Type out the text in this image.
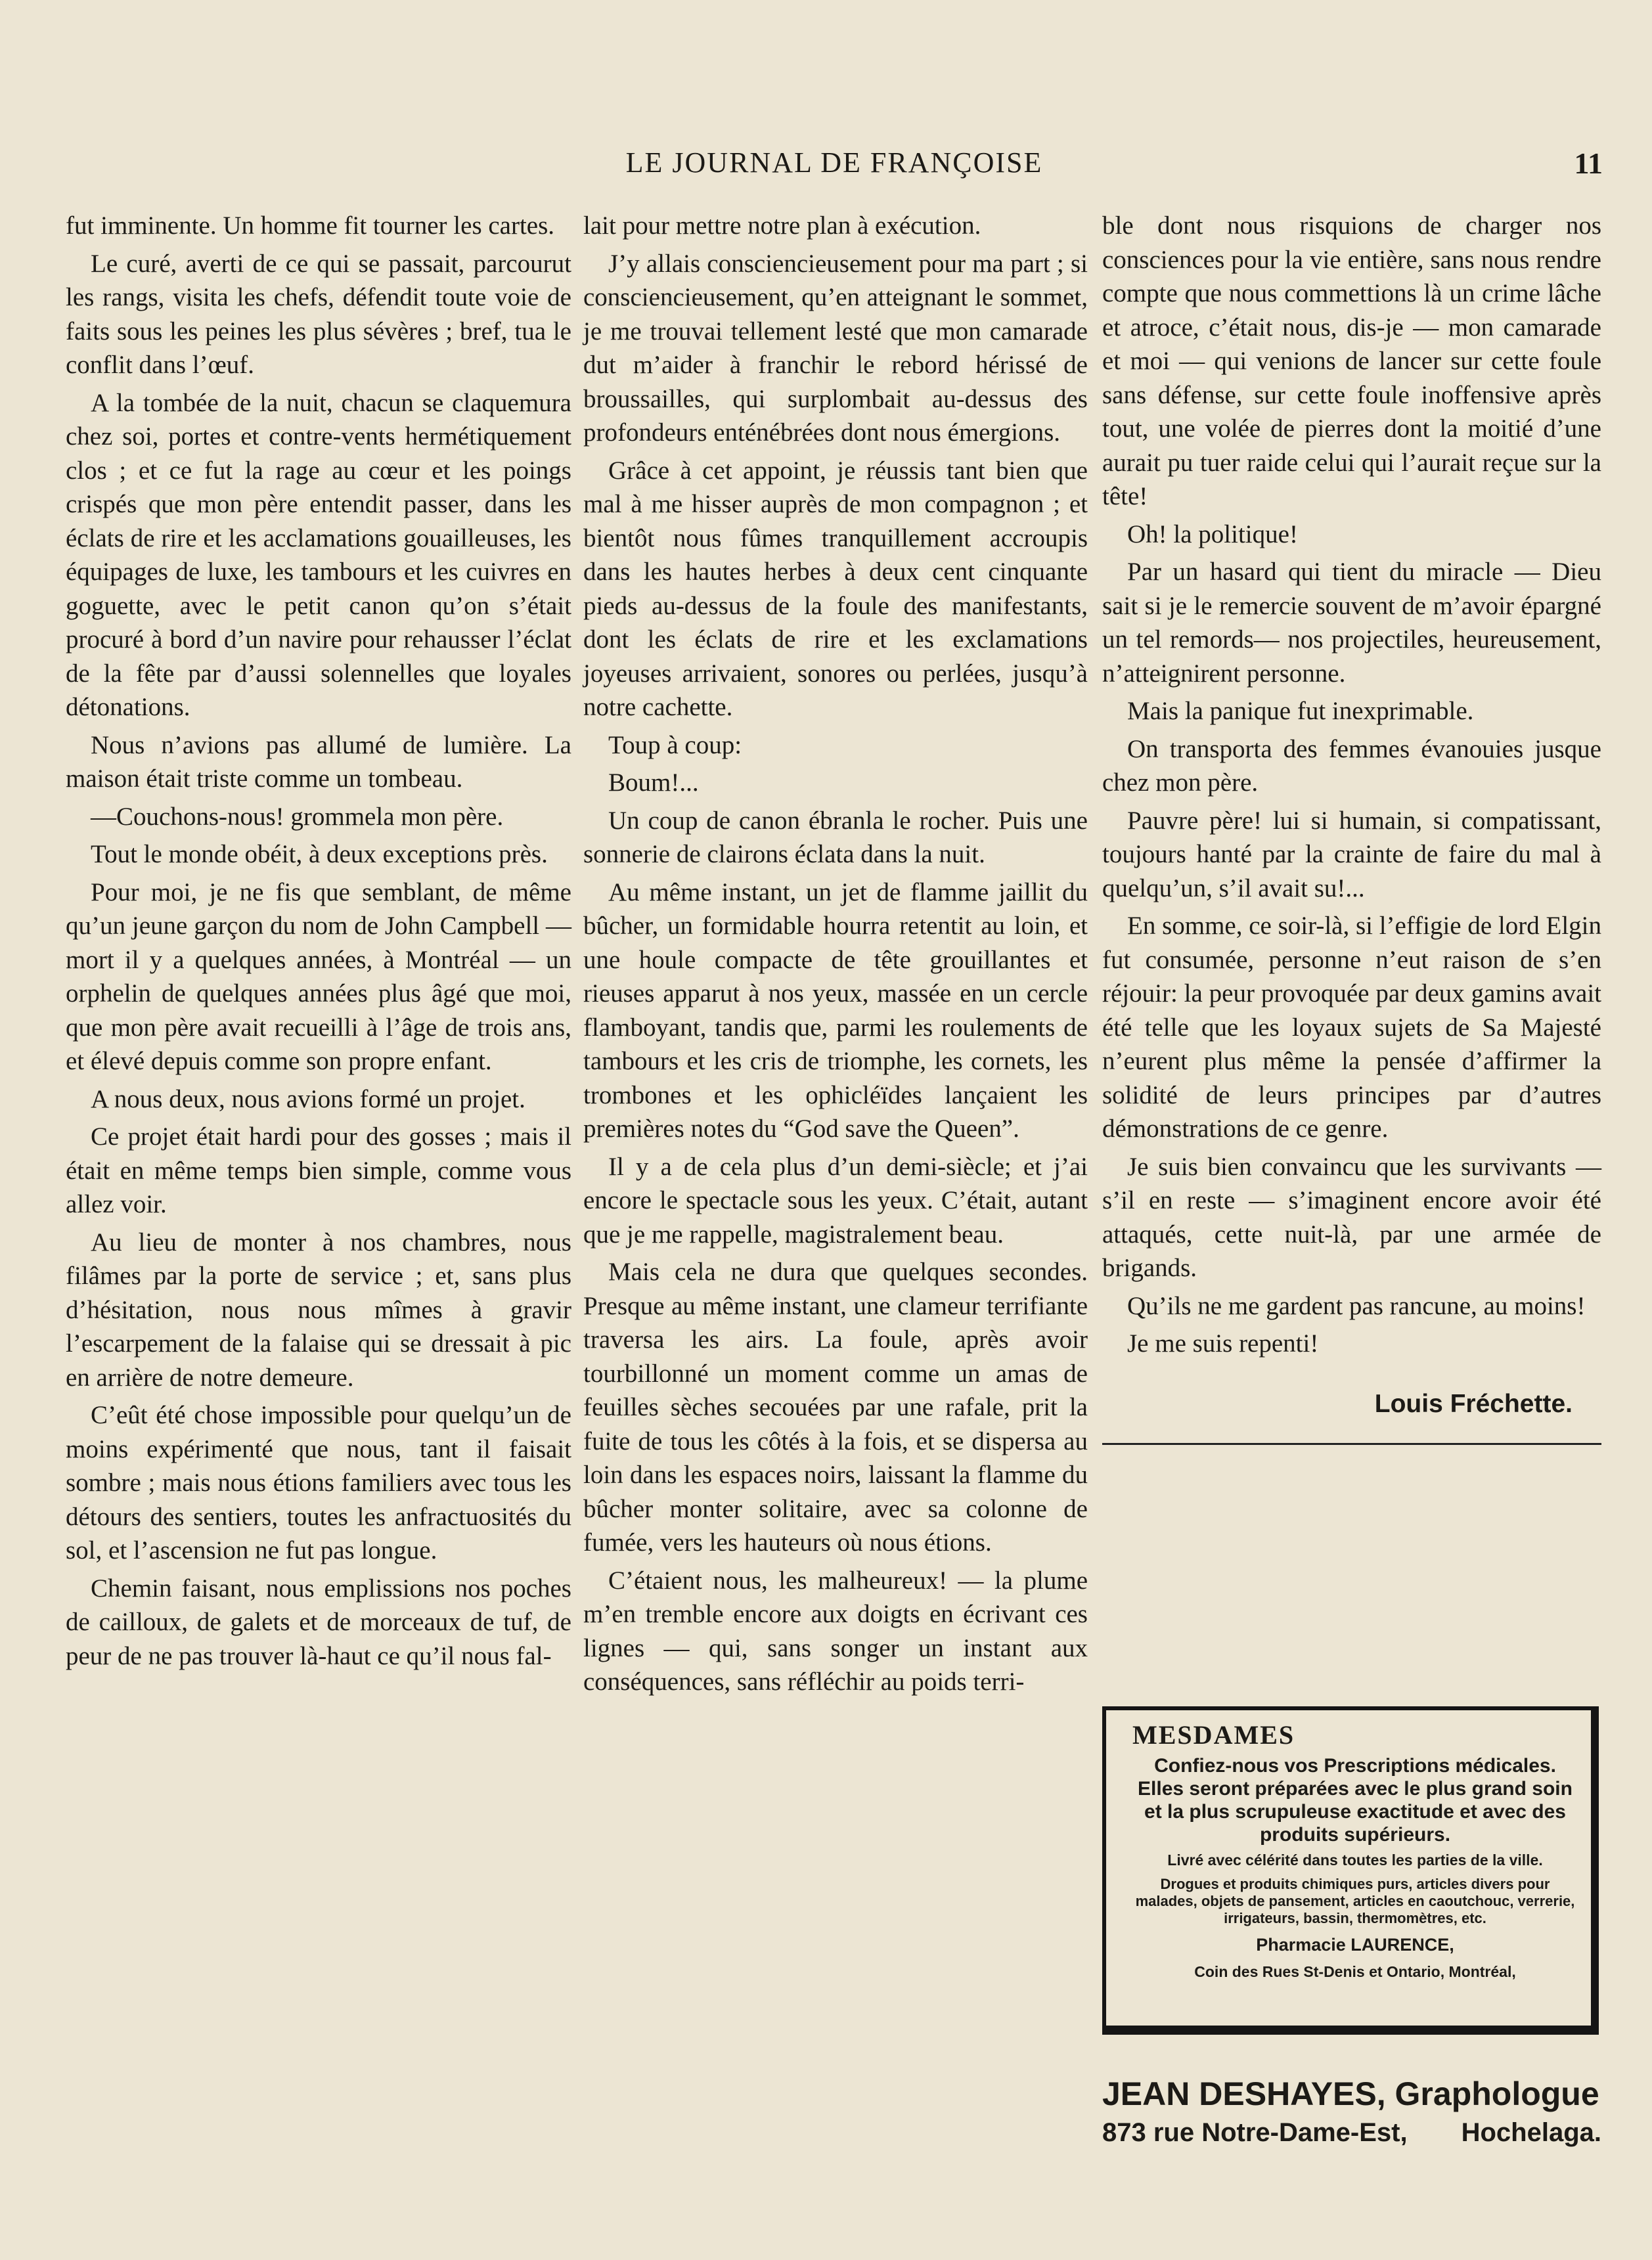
LE JOURNAL DE FRANÇOISE	11

fut imminente. Un homme fit tourner les cartes.

Le curé, averti de ce qui se passait, parcourut les rangs, visita les chefs, défendit toute voie de faits sous les peines les plus sévères ; bref, tua le conflit dans l’œuf.

A la tombée de la nuit, chacun se claquemura chez soi, portes et contre-vents hermétiquement clos ; et ce fut la rage au cœur et les poings crispés que mon père entendit passer, dans les éclats de rire et les acclamations gouailleuses, les équipages de luxe, les tambours et les cuivres en goguette, avec le petit canon qu’on s’était procuré à bord d’un navire pour rehausser l’éclat de la fête par d’aussi solennelles que loyales détonations.

Nous n’avions pas allumé de lumière. La maison était triste comme un tombeau.

—Couchons-nous! grommela mon père.

Tout le monde obéit, à deux exceptions près.

Pour moi, je ne fis que semblant, de même qu’un jeune garçon du nom de John Campbell — mort il y a quelques années, à Montréal — un orphelin de quelques années plus âgé que moi, que mon père avait recueilli à l’âge de trois ans, et élevé depuis comme son propre enfant.

A nous deux, nous avions formé un projet.

Ce projet était hardi pour des gosses ; mais il était en même temps bien simple, comme vous allez voir.

Au lieu de monter à nos chambres, nous filâmes par la porte de service ; et, sans plus d’hésitation, nous nous mîmes à gravir l’escarpement de la falaise qui se dressait à pic en arrière de notre demeure.

C’eût été chose impossible pour quelqu’un de moins expérimenté que nous, tant il faisait sombre ; mais nous étions familiers avec tous les détours des sentiers, toutes les anfractuosités du sol, et l’ascension ne fut pas longue.

Chemin faisant, nous emplissions nos poches de cailloux, de galets et de morceaux de tuf, de peur de ne pas trouver là-haut ce qu’il nous fal-

lait pour mettre notre plan à exécution.

J’y allais consciencieusement pour ma part ; si consciencieusement, qu’en atteignant le sommet, je me trouvai tellement lesté que mon camarade dut m’aider à franchir le rebord hérissé de broussailles, qui surplombait au-dessus des profondeurs enténébrées dont nous émergions.

Grâce à cet appoint, je réussis tant bien que mal à me hisser auprès de mon compagnon ; et bientôt nous fûmes tranquillement accroupis dans les hautes herbes à deux cent cinquante pieds au-dessus de la foule des manifestants, dont les éclats de rire et les exclamations joyeuses arrivaient, sonores ou perlées, jusqu’à notre cachette.

Toup à coup:

Boum!...

Un coup de canon ébranla le rocher. Puis une sonnerie de clairons éclata dans la nuit.

Au même instant, un jet de flamme jaillit du bûcher, un formidable hourra retentit au loin, et une houle compacte de tête grouillantes et rieuses apparut à nos yeux, massée en un cercle flamboyant, tandis que, parmi les roulements de tambours et les cris de triomphe, les cornets, les trombones et les ophicléïdes lançaient les premières notes du “God save the Queen”.

Il y a de cela plus d’un demi-siècle; et j’ai encore le spectacle sous les yeux. C’était, autant que je me rappelle, magistralement beau.

Mais cela ne dura que quelques secondes. Presque au même instant, une clameur terrifiante traversa les airs. La foule, après avoir tourbillonné un moment comme un amas de feuilles sèches secouées par une rafale, prit la fuite de tous les côtés à la fois, et se dispersa au loin dans les espaces noirs, laissant la flamme du bûcher monter solitaire, avec sa colonne de fumée, vers les hauteurs où nous étions.

C’étaient nous, les malheureux! — la plume m’en tremble encore aux doigts en écrivant ces lignes — qui, sans songer un instant aux conséquences, sans réfléchir au poids terri-

ble dont nous risquions de charger nos consciences pour la vie entière, sans nous rendre compte que nous commettions là un crime lâche et atroce, c’était nous, dis-je — mon camarade et moi — qui venions de lancer sur cette foule sans défense, sur cette foule inoffensive après tout, une volée de pierres dont la moitié d’une aurait pu tuer raide celui qui l’aurait reçue sur la tête!

Oh! la politique!

Par un hasard qui tient du miracle — Dieu sait si je le remercie souvent de m’avoir épargné un tel remords— nos projectiles, heureusement, n’atteignirent personne.

Mais la panique fut inexprimable.

On transporta des femmes évanouies jusque chez mon père.

Pauvre père! lui si humain, si compatissant, toujours hanté par la crainte de faire du mal à quelqu’un, s’il avait su!...

En somme, ce soir-là, si l’effigie de lord Elgin fut consumée, personne n’eut raison de s’en réjouir: la peur provoquée par deux gamins avait été telle que les loyaux sujets de Sa Majesté n’eurent plus même la pensée d’affirmer la solidité de leurs principes par d’autres démonstrations de ce genre.

Je suis bien convaincu que les survivants — s’il en reste — s’imaginent encore avoir été attaqués, cette nuit-là, par une armée de brigands.

Qu’ils ne me gardent pas rancune, au moins!

Je me suis repenti!

Louis Fréchette.
MESDAMES
Confiez-nous vos Prescriptions médicales. Elles seront préparées avec le plus grand soin et la plus scrupuleuse exactitude et avec des produits supérieurs.
Livré avec célérité dans toutes les parties de la ville.
Drogues et produits chimiques purs, articles divers pour malades, objets de pansement, articles en caoutchouc, verrerie, irrigateurs, bassin, thermomètres, etc.
Pharmacie LAURENCE,
Coin des Rues St-Denis et Ontario, Montréal,
JEAN DESHAYES, Graphologue
873 rue Notre-Dame-Est, Hochelaga.
